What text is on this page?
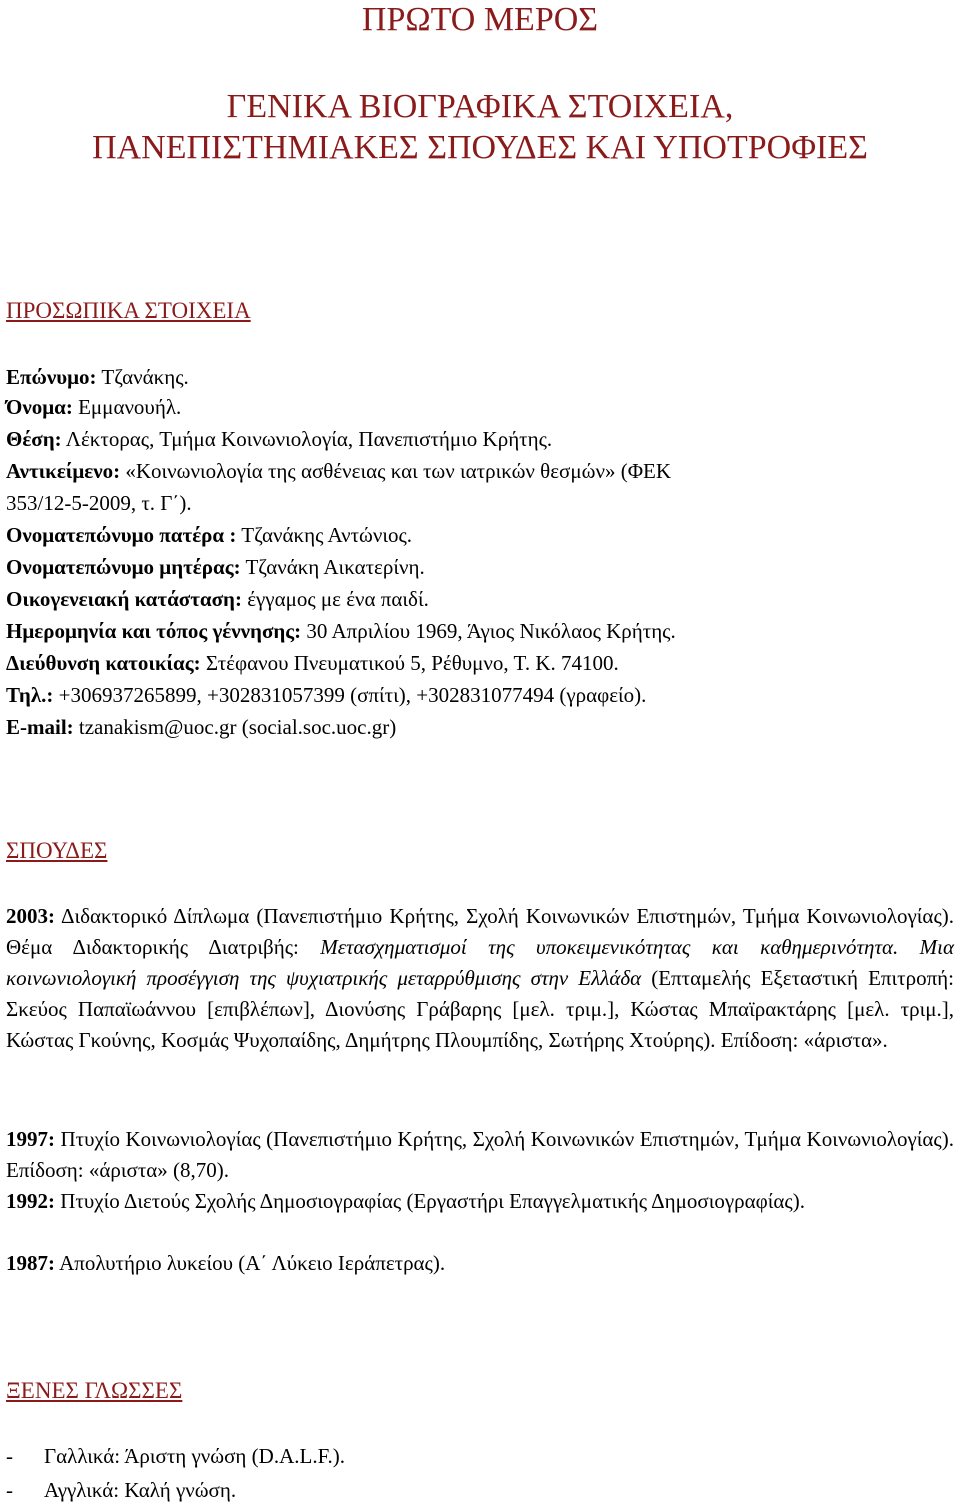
ΠΡΩΤΟ ΜΕΡΟΣ
ΓΕΝΙΚΑ ΒΙΟΓΡΑΦΙΚΑ ΣΤΟΙΧΕΙΑ,
ΠΑΝΕΠΙΣΤΗΜΙΑΚΕΣ ΣΠΟΥΔΕΣ ΚΑΙ ΥΠΟΤΡΟΦΙΕΣ
ΠΡΟΣΩΠΙΚΑ ΣΤΟΙΧΕΙΑ

Επώνυμο: Τζανάκης.

Όνομα: Εμμανουήλ.

Θέση: Λέκτορας, Τμήμα Κοινωνιολογία, Πανεπιστήμιο Κρήτης.

Αντικείμενο: «Κοινωνιολογία της ασθένειας και των ιατρικών θεσμών» (ΦΕΚ

353/12-5-2009, τ. Γ΄).

Ονοματεπώνυμο πατέρα : Τζανάκης Αντώνιος.

Ονοματεπώνυμο μητέρας: Τζανάκη Αικατερίνη.

Οικογενειακή κατάσταση: έγγαμος με ένα παιδί.

Ημερομηνία και τόπος γέννησης: 30 Απριλίου 1969, Άγιος Νικόλαος Κρήτης.

Διεύθυνση κατοικίας: Στέφανου Πνευματικού 5, Ρέθυμνο, Τ. Κ. 74100.

Τηλ.: +306937265899, +302831057399 (σπίτι), +302831077494 (γραφείο).

E-mail: tzanakism@uoc.gr (social.soc.uoc.gr)

ΣΠΟΥΔΕΣ

2003: Διδακτορικό Δίπλωμα (Πανεπιστήμιο Κρήτης, Σχολή Κοινωνικών Επιστημών, Τμήμα Κοινωνιολογίας). Θέμα Διδακτορικής Διατριβής: Μετασχηματισμοί της υποκειμενικότητας και καθημερινότητα. Μια κοινωνιολογική προσέγγιση της ψυχιατρικής μεταρρύθμισης στην Ελλάδα (Επταμελής Εξεταστική Επιτροπή: Σκεύος Παπαϊωάννου [επιβλέπων], Διονύσης Γράβαρης [μελ. τριμ.], Κώστας Μπαϊρακτάρης [μελ. τριμ.], Κώστας Γκούνης, Κοσμάς Ψυχοπαίδης, Δημήτρης Πλουμπίδης, Σωτήρης Χτούρης). Επίδοση: «άριστα».

1997: Πτυχίο Κοινωνιολογίας (Πανεπιστήμιο Κρήτης, Σχολή Κοινωνικών Επιστημών, Τμήμα Κοινωνιολογίας). Επίδοση: «άριστα» (8,70).

1992: Πτυχίο Διετούς Σχολής Δημοσιογραφίας (Εργαστήρι Επαγγελματικής Δημοσιογραφίας).

1987: Απολυτήριο λυκείου (Α΄ Λύκειο Ιεράπετρας).

ΞΕΝΕΣ ΓΛΩΣΣΕΣ

- Γαλλικά: Άριστη γνώση (D.A.L.F.).

- Αγγλικά: Καλή γνώση.
